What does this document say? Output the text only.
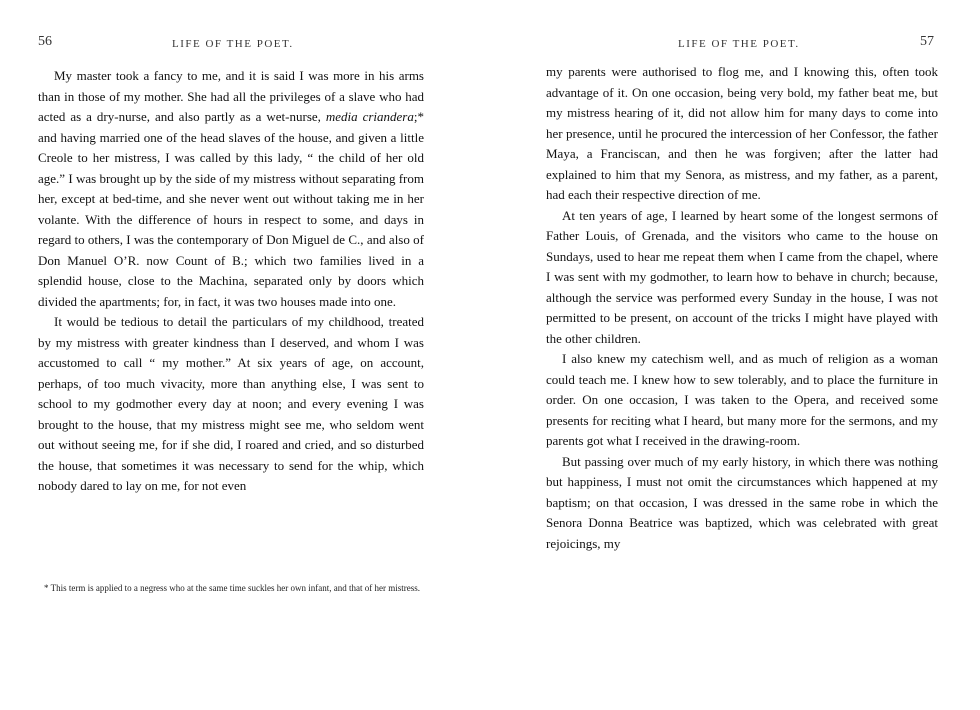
56	LIFE OF THE POET.

My master took a fancy to me, and it is said I was more in his arms than in those of my mother. She had all the privileges of a slave who had acted as a dry-nurse, and also partly as a wet-nurse, media criandera;* and having married one of the head slaves of the house, and given a little Creole to her mistress, I was called by this lady, “ the child of her old age.” I was brought up by the side of my mistress without separating from her, except at bed-time, and she never went out without taking me in her volante. With the difference of hours in respect to some, and days in regard to others, I was the contemporary of Don Miguel de C., and also of Don Manuel O’R. now Count of B.; which two families lived in a splendid house, close to the Machina, separated only by doors which divided the apartments; for, in fact, it was two houses made into one.

It would be tedious to detail the particulars of my childhood, treated by my mistress with greater kindness than I deserved, and whom I was accustomed to call “ my mother.” At six years of age, on account, perhaps, of too much vivacity, more than anything else, I was sent to school to my godmother every day at noon; and every evening I was brought to the house, that my mistress might see me, who seldom went out without seeing me, for if she did, I roared and cried, and so disturbed the house, that sometimes it was necessary to send for the whip, which nobody dared to lay on me, for not even

* This term is applied to a negress who at the same time suckles her own infant, and that of her mistress.
LIFE OF THE POET.	57

my parents were authorised to flog me, and I knowing this, often took advantage of it. On one occasion, being very bold, my father beat me, but my mistress hearing of it, did not allow him for many days to come into her presence, until he procured the intercession of her Confessor, the father Maya, a Franciscan, and then he was forgiven; after the latter had explained to him that my Senora, as mistress, and my father, as a parent, had each their respective direction of me.

At ten years of age, I learned by heart some of the longest sermons of Father Louis, of Grenada, and the visitors who came to the house on Sundays, used to hear me repeat them when I came from the chapel, where I was sent with my godmother, to learn how to behave in church; because, although the service was performed every Sunday in the house, I was not permitted to be present, on account of the tricks I might have played with the other children.

I also knew my catechism well, and as much of religion as a woman could teach me. I knew how to sew tolerably, and to place the furniture in order. On one occasion, I was taken to the Opera, and received some presents for reciting what I heard, but many more for the sermons, and my parents got what I received in the drawing-room.

But passing over much of my early history, in which there was nothing but happiness, I must not omit the circumstances which happened at my baptism; on that occasion, I was dressed in the same robe in which the Senora Donna Beatrice was baptized, which was celebrated with great rejoicings, my
